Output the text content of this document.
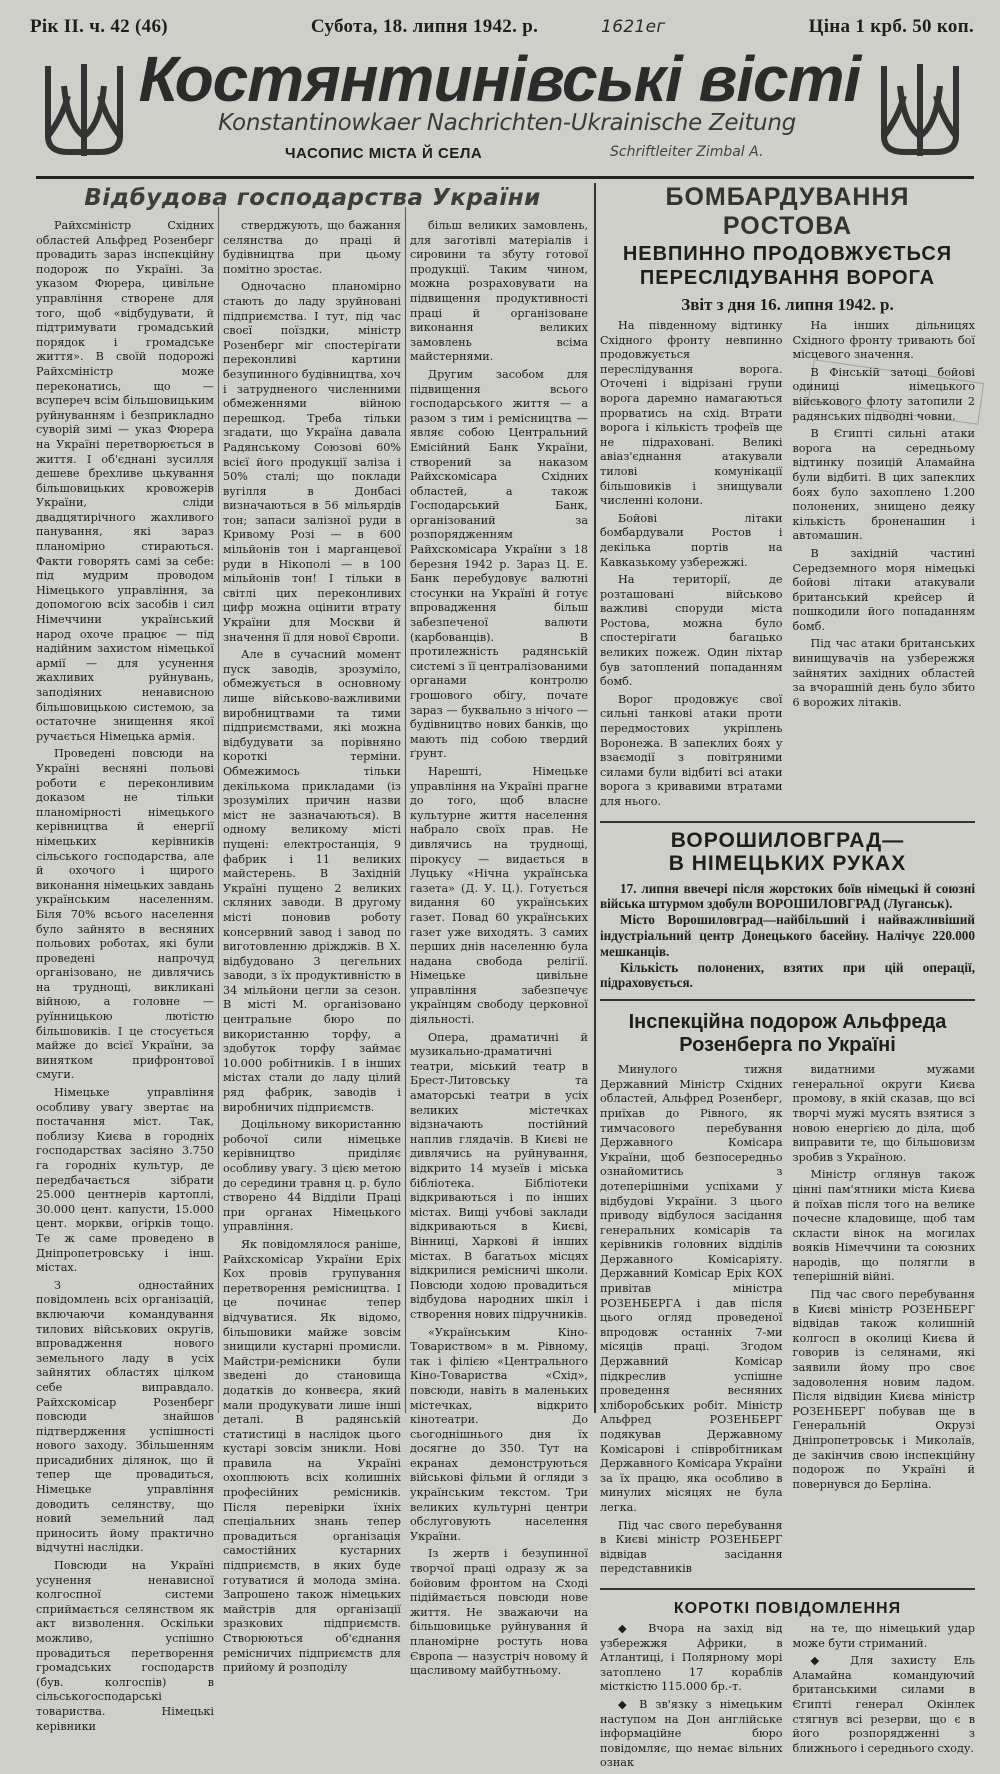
Рік II. ч. 42 (46)	Субота, 18. липня 1942. р.	1621ег	Ціна 1 крб. 50 коп.
Костянтинівські вісті
Konstantinowkaer Nachrichten-Ukrainische Zeitung
ЧАСОПИС МІСТА Й СЕЛА	Schriftleiter Zimbal A.
Відбудова господарства України

Райхсміністр Східних областей Альфред Розенберг провадить зараз інспекційну подорож по Україні. За указом Фюрера, цивільне управління створене для того, щоб «відбудувати, й підтримувати громадський порядок і громадське життя». В своїй подорожі Райхсміністр може переконатись, що — всупереч всім більшовицьким руйнуванням і безприкладно суворій зимі — указ Фюрера на Україні перетворюється в життя. І об'єднані зусилля дешеве брехливе цькування більшовицьких кровожерів України, сліди двадцятирічного жахливого панування, які зараз планомірно стираються. Факти говорять самі за себе: під мудрим проводом Німецького управління, за допомогою всіх засобів і сил Німеччини український народ охоче працює — під надійним захистом німецької армії — для усунення жахливих руйнувань, заподіяних ненависною більшовицькою системою, за остаточне знищення якої ручається Німецька армія.

Проведені повсюди на Україні весняні польові роботи є переконливим доказом не тільки планомірності німецького керівництва й енергії німецьких керівників сільського господарства, але й охочого і щирого виконання німецьких завдань українським населенням. Біля 70% всього населення було зайнято в весняних польових роботах, які були проведені напрочуд організовано, не дивлячись на труднощі, викликані війною, а головне — руїнницькою лютістю більшовиків. І це стосується майже до всієї України, за винятком прифронтової смуги.

Німецьке управління особливу увагу звертає на постачання міст. Так, поблизу Києва в городніх господарствах засіяно 3.750 га городніх культур, де передбачається зібрати 25.000 центнерів картоплі, 30.000 цент. капусти, 15.000 цент. моркви, огірків тощо. Те ж саме проведено в Дніпропетровську і інш. містах.

З одностайних повідомлень всіх організацій, включаючи командування тилових військових округів, впровадження нового земельного ладу в усіх зайнятих областях цілком себе виправдало. Райхскомісар Розенберг повсюди знайшов підтвердження успішності нового заходу. Збільшенням присадибних ділянок, що й тепер ще провадиться, Німецьке управління доводить селянству, що новий земельний лад приносить йому практично відчутні наслідки.

Повсюди на Україні усунення ненависної колгоспної системи сприймається селянством як акт визволення. Оскільки можливо, успішно провадиться перетворення громадських господарств (був. колгоспів) в сільськогосподарські товариства. Німецькі керівники

стверджують, що бажання селянства до праці й будівництва при цьому помітно зростає.

Одночасно планомірно стають до ладу зруйновані підприємства. І тут, під час своєї поїздки, міністр Розенберг міг спостерігати переконливі картини безупинного будівництва, хоч і затрудненого численними обмеженнями війною перешкод. Треба тільки згадати, що Україна давала Радянському Союзові 60% всієї його продукції заліза і 50% сталі; що поклади вугілля в Донбасі визначаються в 56 мільярдів тон; запаси залізної руди в Кривому Розі — в 600 мільйонів тон і марганцевої руди в Нікополі — в 100 мільйонів тон! І тільки в світлі цих переконливих цифр можна оцінити втрату України для Москви й значення її для нової Європи.

Але в сучасний момент пуск заводів, зрозуміло, обмежується в основному лише військово-важливими виробництвами та тими підприємствами, які можна відбудувати за порівняно короткі терміни. Обмежимось тільки декількома прикладами (із зрозумілих причин назви міст не зазначаються). В одному великому місті пущені: електростанція, 9 фабрик і 11 великих майстерень. В Західній Україні пущено 2 великих скляних заводи. В другому місті поновив роботу консервний завод і завод по виготовленню дріжджів. В Х. відбудовано 3 цегельних заводи, з їх продуктивністю в 34 мільйони цегли за сезон. В місті М. організовано центральне бюро по використанню торфу, а здобуток торфу займає 10.000 робітників. І в інших містах стали до ладу цілий ряд фабрик, заводів і виробничих підприємств.

Доцільному використанню робочої сили німецьке керівництво приділяє особливу увагу. З цією метою до середини травня ц. р. було створено 44 Відділи Праці при органах Німецького управління.

Як повідомлялося раніше, Райхскомісар України Еріх Кох провів групування перетворення ремісництва. І це починає тепер відчуватися. Як відомо, більшовики майже зовсім знищили кустарні промисли. Майстри-ремісники були зведені до становища додатків до конвеєра, який мали продукувати лише інші деталі. В радянській статистиці в наслідок цього кустарі зовсім зникли. Нові правила на Україні охоплюють всіх колишніх професійних ремісників. Після перевірки їхніх спеціальних знань тепер провадиться організація самостійних кустарних підприємств, в яких буде готуватися й молода зміна. Запрошено також німецьких майстрів для організації зразкових підприємств. Створюються об'єднання ремісничих підприємств для прийому й розподілу

більш великих замовлень, для заготівлі матеріалів і сировини та збуту готової продукції. Таким чином, можна розраховувати на підвищення продуктивності праці й організоване виконання великих замовлень всіма майстернями.

Другим засобом для підвищення всього господарського життя — а разом з тим і ремісництва — являє собою Центральний Емісійний Банк України, створений за наказом Райхскомісара Східних областей, а також Господарський Банк, організований за розпорядженням Райхскомісара України з 18 березня 1942 р. Зараз Ц. Е. Банк перебудовує валютні стосунки на Україні й готує впровадження більш забезпеченої валюти (карбованців). В протилежність радянській системі з її централізованими органами контролю грошового обігу, почате зараз — буквально з нічого — будівництво нових банків, що мають під собою твердий ґрунт.

Нарешті, Німецьке управління на Україні прагне до того, щоб власне культурне життя населення набрало своїх прав. Не дивлячись на труднощі, пірокусу — видається в Луцьку «Нічна українська газета» (Д. У. Ц.). Готується видання 60 українських газет. Повад 60 українських газет уже виходять. З самих перших днів населенню була надана свобода релігії. Німецьке цивільне управління забезпечує українцям свободу церковної діяльності.

Опера, драматичні й музикально-драматичні театри, міський театр в Брест-Литовську та аматорські театри в усіх великих містечках відзначають постійний наплив глядачів. В Києві не дивлячись на руйнування, відкрито 14 музеїв і міська бібліотека. Бібліотеки відкриваються і по інших містах. Вищі учбові заклади відкриваються в Києві, Вінниці, Харкові й інших містах. В багатьох місцях відкрилися ремісничі школи. Повсюди ходою провадиться відбудова народних шкіл і створення нових підручників.

«Українським Кіно-Товариством» в м. Рівному, так і філією «Центрального Кіно-Товариства «Схід», повсюди, навіть в маленьких містечках, відкрито кінотеатри. До сьогоднішнього дня їх досягне до 350. Тут на екранах демонструються військові фільми й огляди з українським текстом. Три великих культурні центри обслуговують населення України.

Із жертв і безупинної творчої праці одразу ж за бойовим фронтом на Сході підіймається повсюди нове життя. Не зважаючи на більшовицьке руйнування й планомірне ростуть нова Європа — назустріч новому й щасливому майбутньому.

БОМБАРДУВАННЯ РОСТОВА
НЕВПИННО ПРОДОВЖУЄТЬСЯ
ПЕРЕСЛІДУВАННЯ ВОРОГА
Звіт з дня 16. липня 1942. р.

На південному відтинку Східного фронту невпинно продовжується переслідування ворога. Оточені і відрізані групи ворога даремно намагаються прорватись на схід. Втрати ворога і кількість трофеїв ще не підраховані. Великі авіаз'єднання атакували тилові комунікації більшовиків і знищували численні колони.

Бойові літаки бомбардували Ростов і декілька портів на Кавказькому узбережжі.

На території, де розташовані військово важливі споруди міста Ростова, можна було спостерігати багацько великих пожеж. Один ліхтар був затоплений попаданням бомб.

Ворог продовжує свої сильні танкові атаки проти передмостових укріплень Воронежа. В запеклих боях у взаємодії з повітряними силами були відбиті всі атаки ворога з кривавими втратами для нього.

На інших дільницях Східного фронту тривають бої місцевого значення.

В Фінській затоці бойові одиниці німецького військового флоту затопили 2 радянських підводні човни.

В Єгипті сильні атаки ворога на середньому відтинку позицій Аламайна були відбиті. В цих запеклих боях було захоплено 1.200 полонених, знищено деяку кількість броненашин і автомашин.

В західній частині Середземного моря німецькі бойові літаки атакували британський крейсер й пошкодили його попаданням бомб.

Під час атаки британських винищувачів на узбережжя зайнятих західних областей за вчорашній день було збито 6 ворожих літаків.

ВОРОШИЛОВГРАД—
В НІМЕЦЬКИХ РУКАХ

17. липня ввечері після жорстоких боїв німецькі й союзні війська штурмом здобули ВОРОШИЛОВГРАД (Луганськ).

Місто Ворошиловград—найбільший і найважливіший індустріальний центр Донецького басейну. Налічує 220.000 мешканців.

Кількість полонених, взятих при цій операції, підраховується.

Інспекційна подорож Альфреда
Розенберга по Україні

Минулого тижня Державний Міністр Східних областей, Альфред Розенберг, приїхав до Рівного, як тимчасового перебування Державного Комісара України, щоб безпосередньо ознайомитись з дотеперішніми успіхами у відбудові України. З цього приводу відбулося засідання генеральних комісарів та керівників головних відділів Державного Комісаріяту. Державний Комісар Еріх КОХ привітав міністра РОЗЕНБЕРГА і дав після цього огляд проведеної впродовж останніх 7-ми місяців праці. Згодом Державний Комісар підкреслив успішне проведення весняних хліборобських робіт. Міністр Альфред РОЗЕНБЕРГ подякував Державному Комісарові і співробітникам Державного Комісара України за їх працю, яка особливо в минулих місяцях не була легка.

Під час свого перебування в Києві міністр РОЗЕНБЕРГ відвідав засідання передставників

видатними мужами генеральної округи Києва промову, в якій сказав, що всі творчі мужі мусять взятися з новою енергією до діла, щоб виправити те, що більшовизм зробив з Україною.

Міністр оглянув також цінні пам'ятники міста Києва й поїхав після того на велике почесне кладовище, щоб там скласти вінок на могилах вояків Німеччини та союзних народів, що полягли в теперішній війні.

Під час свого перебування в Києві міністр РОЗЕНБЕРГ відвідав також колишній колгосп в околиці Києва й говорив із селянами, які заявили йому про своє задоволення новим ладом. Після відвідин Києва міністр РОЗЕНБЕРГ побував ще в Генеральній Окрузі Дніпропетровськ і Миколаїв, де закінчив свою інспекційну подорож по Україні й повернувся до Берліна.

КОРОТКІ ПОВІДОМЛЕННЯ

◆ Вчора на захід від узбережжя Африки, в Атлантиці, і Полярному морі затоплено 17 кораблів місткістю 115.000 бр.-т.

◆ В зв'язку з німецьким наступом на Дон англійське інформаційне бюро повідомляє, що немає вільних ознак

на те, що німецький удар може бути стриманий.

◆ Для захисту Ель Аламайна командуючий британськими силами в Єгипті генерал Окінлек стягнув всі резерви, що є в його розпорядженні з ближнього і середнього сходу.
